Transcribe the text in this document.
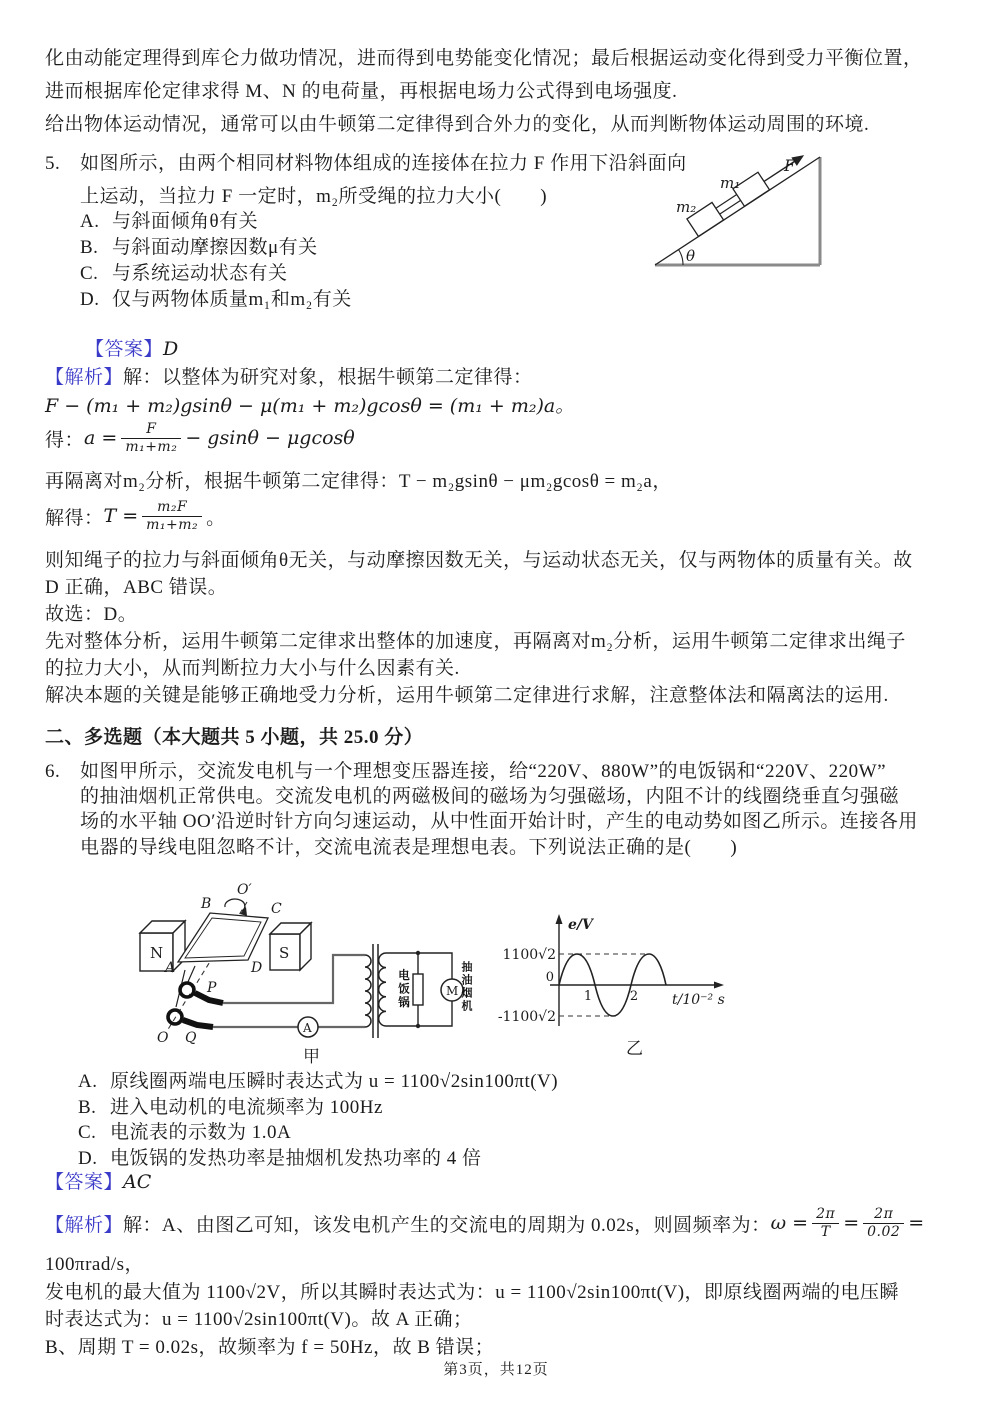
化由动能定理得到库仑力做功情况，进而得到电势能变化情况；最后根据运动变化得到受力平衡位置，
进而根据库伦定律求得 M、N 的电荷量，再根据电场力公式得到电场强度.
给出物体运动情况，通常可以由牛顿第二定律得到合外力的变化，从而判断物体运动周围的环境.
5. 如图所示，由两个相同材料物体组成的连接体在拉力 F 作用下沿斜面向
上运动，当拉力 F 一定时，m₂所受绳的拉力大小(　　)
A. 与斜面倾角θ有关
B. 与斜面动摩擦因数μ有关
C. 与系统运动状态有关
D. 仅与两物体质量m₁和m₂有关
m₂
m₁
F
θ
【答案】D
【解析】解：以整体为研究对象，根据牛顿第二定律得：
F − (m₁ + m₂)gsinθ − μ(m₁ + m₂)gcosθ = (m₁ + m₂)a。
得： $a = \frac{F}{\text{m₁+m₂}} - gsin\theta - \mu gcos\theta$
再隔离对m₂分析，根据牛顿第二定律得：T − m₂gsinθ − μm₂gcosθ = m₂a，
解得： $T = \frac{\text{m₂F}}{\text{m₁+m₂}}$ 。
则知绳子的拉力与斜面倾角θ无关，与动摩擦因数无关，与运动状态无关，仅与两物体的质量有关。故
D 正确，ABC 错误。
故选：D。
先对整体分析，运用牛顿第二定律求出整体的加速度，再隔离对m₂分析，运用牛顿第二定律求出绳子
的拉力大小，从而判断拉力大小与什么因素有关.
解决本题的关键是能够正确地受力分析，运用牛顿第二定律进行求解，注意整体法和隔离法的运用.
二、多选题（本大题共 5 小题，共 25.0 分）
6. 如图甲所示，交流发电机与一个理想变压器连接，给“220V、880W”的电饭锅和“220V、220W”
的抽油烟机正常供电。交流发电机的两磁极间的磁场为匀强磁场，内阻不计的线圈绕垂直匀强磁
场的水平轴 OO′沿逆时针方向匀速运动，从中性面开始计时，产生的电动势如图乙所示。连接各用
电器的导线电阻忽略不计，交流电流表是理想电表。下列说法正确的是(　　)
N	S
A
M
O′
B	C
A	D
P
Q
O
甲
电饭锅	抽油烟机
e/V
0
1100√2
-1100√2
1	2 t/10⁻² s
乙
A. 原线圈两端电压瞬时表达式为 u = 1100√2sin100πt(V)
B. 进入电动机的电流频率为 100Hz
C. 电流表的示数为 1.0A
D. 电饭锅的发热功率是抽烟机发热功率的 4 倍
【答案】AC
【解析】 解：A、由图乙可知，该发电机产生的交流电的周期为 0.02s，则圆频率为： $\omega = \frac{2\pi}{T} = \frac{2\pi}{0.02}$ =
100πrad/s，
发电机的最大值为 1100√2V，所以其瞬时表达式为：u = 1100√2sin100πt(V)，即原线圈两端的电压瞬
时表达式为：u = 1100√2sin100πt(V)。故 A 正确；
B、周期 T = 0.02s，故频率为 f = 50Hz，故 B 错误；
第3页，共12页
